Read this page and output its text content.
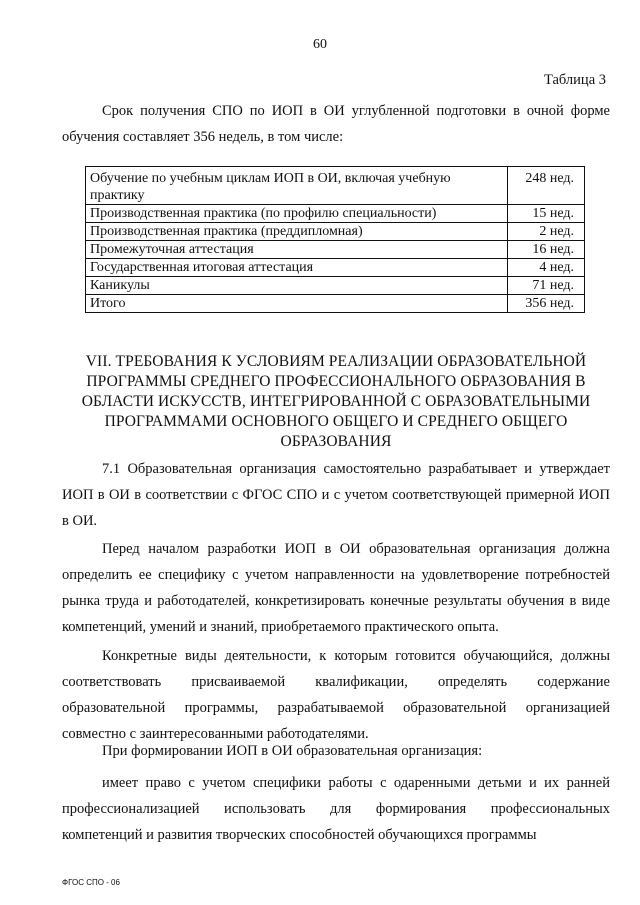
60
Таблица 3

Срок получения СПО по ИОП в ОИ углубленной подготовки в очной форме обучения составляет 356 недель, в том числе:

Обучение по учебным циклам ИОП в ОИ, включая учебную практику	248 нед.
Производственная практика (по профилю специальности)	15 нед.
Производственная практика (преддипломная)	2 нед.
Промежуточная аттестация	16 нед.
Государственная итоговая аттестация	4 нед.
Каникулы	71 нед.
Итого	356 нед.
VII. ТРЕБОВАНИЯ К УСЛОВИЯМ РЕАЛИЗАЦИИ ОБРАЗОВАТЕЛЬНОЙ ПРОГРАММЫ СРЕДНЕГО ПРОФЕССИОНАЛЬНОГО ОБРАЗОВАНИЯ В ОБЛАСТИ ИСКУССТВ, ИНТЕГРИРОВАННОЙ С ОБРАЗОВАТЕЛЬНЫМИ ПРОГРАММАМИ ОСНОВНОГО ОБЩЕГО И СРЕДНЕГО ОБЩЕГО ОБРАЗОВАНИЯ

7.1 Образовательная организация самостоятельно разрабатывает и утверждает ИОП в ОИ в соответствии с ФГОС СПО и с учетом соответствующей примерной ИОП в ОИ.

Перед началом разработки ИОП в ОИ образовательная организация должна определить ее специфику с учетом направленности на удовлетворение потребностей рынка труда и работодателей, конкретизировать конечные результаты обучения в виде компетенций, умений и знаний, приобретаемого практического опыта.

Конкретные виды деятельности, к которым готовится обучающийся, должны соответствовать присваиваемой квалификации, определять содержание образовательной программы, разрабатываемой образовательной организацией совместно с заинтересованными работодателями.

При формировании ИОП в ОИ образовательная организация:

имеет право с учетом специфики работы с одаренными детьми и их ранней профессионализацией использовать для формирования профессиональных компетенций и развития творческих способностей обучающихся программы

ФГОС СПО - 06
